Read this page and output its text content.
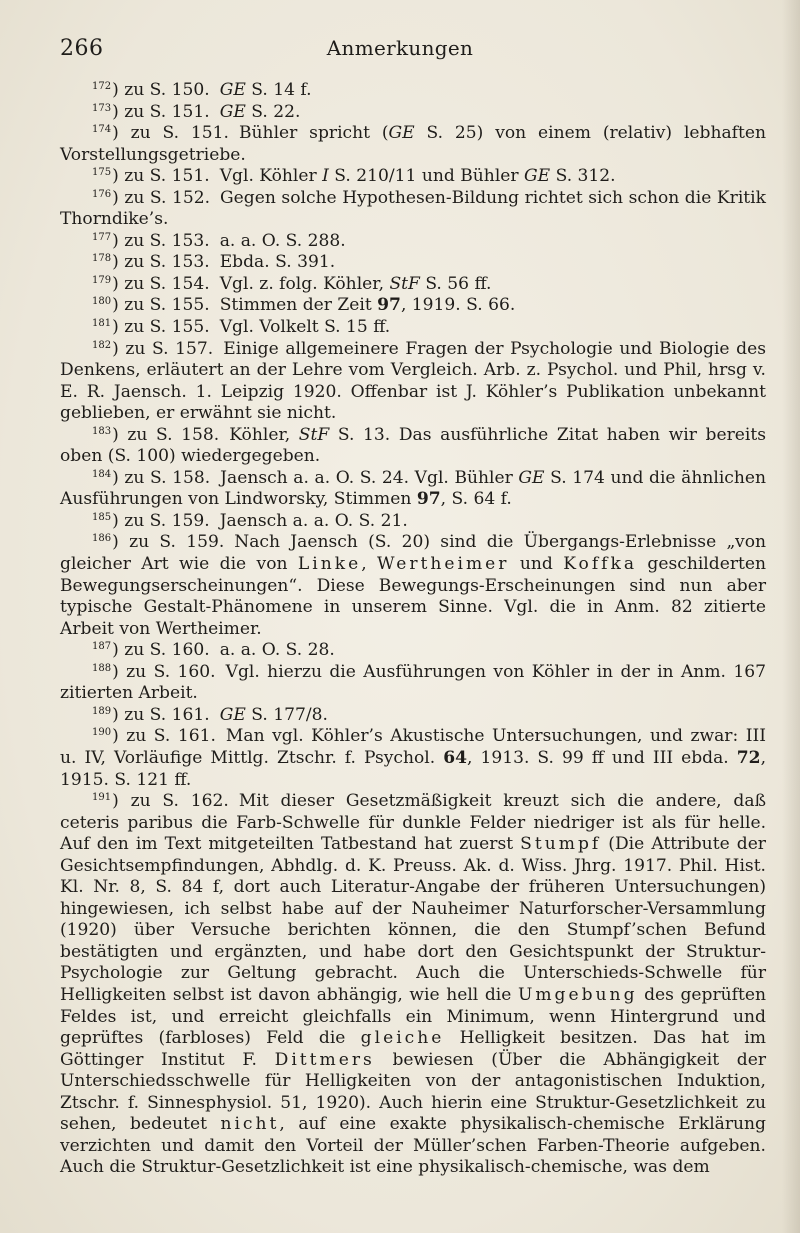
Anmerkungen
266

$^{172}$) zu S. 150. GE S. 14 f.

$^{173}$) zu S. 151. GE S. 22.

$^{174}$) zu S. 151. Bühler spricht (GE S. 25) von einem (relativ) lebhaften Vorstellungsgetriebe.

$^{175}$) zu S. 151. Vgl. Köhler I S. 210/11 und Bühler GE S. 312.

$^{176}$) zu S. 152. Gegen solche Hypothesen-Bildung richtet sich schon die Kritik Thorndike’s.

$^{177}$) zu S. 153. a. a. O. S. 288.

$^{178}$) zu S. 153. Ebda. S. 391.

$^{179}$) zu S. 154. Vgl. z. folg. Köhler, StF S. 56 ff.

$^{180}$) zu S. 155. Stimmen der Zeit 97, 1919. S. 66.

$^{181}$) zu S. 155. Vgl. Volkelt S. 15 ff.

$^{182}$) zu S. 157. Einige allgemeinere Fragen der Psychologie und Biologie des Denkens, erläutert an der Lehre vom Vergleich. Arb. z. Psychol. und Phil, hrsg v. E. R. Jaensch. 1. Leipzig 1920. Offenbar ist J. Köhler’s Publikation unbekannt geblieben, er erwähnt sie nicht.

$^{183}$) zu S. 158. Köhler, StF S. 13. Das ausführliche Zitat haben wir bereits oben (S. 100) wiedergegeben.

$^{184}$) zu S. 158. Jaensch a. a. O. S. 24. Vgl. Bühler GE S. 174 und die ähnlichen Ausführungen von Lindworsky, Stimmen 97, S. 64 f.

$^{185}$) zu S. 159. Jaensch a. a. O. S. 21.

$^{186}$) zu S. 159. Nach Jaensch (S. 20) sind die Übergangs-Erlebnisse „von gleicher Art wie die von Linke, Wertheimer und Koffka geschilderten Bewegungserscheinungen“. Diese Bewegungs-Erscheinungen sind nun aber typische Gestalt-Phänomene in unserem Sinne. Vgl. die in Anm. 82 zitierte Arbeit von Wertheimer.

$^{187}$) zu S. 160. a. a. O. S. 28.

$^{188}$) zu S. 160. Vgl. hierzu die Ausführungen von Köhler in der in Anm. 167 zitierten Arbeit.

$^{189}$) zu S. 161. GE S. 177/8.

$^{190}$) zu S. 161. Man vgl. Köhler’s Akustische Untersuchungen, und zwar: III u. IV, Vorläufige Mittlg. Ztschr. f. Psychol. 64, 1913. S. 99 ff und III ebda. 72, 1915. S. 121 ff.

$^{191}$) zu S. 162. Mit dieser Gesetzmäßigkeit kreuzt sich die andere, daß ceteris paribus die Farb-Schwelle für dunkle Felder niedriger ist als für helle. Auf den im Text mitgeteilten Tatbestand hat zuerst Stumpf (Die Attribute der Gesichtsempfindungen, Abhdlg. d. K. Preuss. Ak. d. Wiss. Jhrg. 1917. Phil. Hist. Kl. Nr. 8, S. 84 f, dort auch Literatur-Angabe der früheren Untersuchungen) hingewiesen, ich selbst habe auf der Nauheimer Naturforscher-Versammlung (1920) über Versuche berichten können, die den Stumpf’schen Befund bestätigten und ergänzten, und habe dort den Gesichtspunkt der Struktur-Psychologie zur Geltung gebracht. Auch die Unterschieds-Schwelle für Helligkeiten selbst ist davon abhängig, wie hell die Umgebung des geprüften Feldes ist, und erreicht gleichfalls ein Minimum, wenn Hintergrund und geprüftes (farbloses) Feld die gleiche Helligkeit besitzen. Das hat im Göttinger Institut F. Dittmers bewiesen (Über die Abhängigkeit der Unterschiedsschwelle für Helligkeiten von der antagonistischen Induktion, Ztschr. f. Sinnesphysiol. 51, 1920). Auch hierin eine Struktur-Gesetzlichkeit zu sehen, bedeutet nicht, auf eine exakte physikalisch-chemische Erklärung verzichten und damit den Vorteil der Müller’schen Farben-Theorie aufgeben. Auch die Struktur-Gesetzlichkeit ist eine physikalisch-chemische, was dem
